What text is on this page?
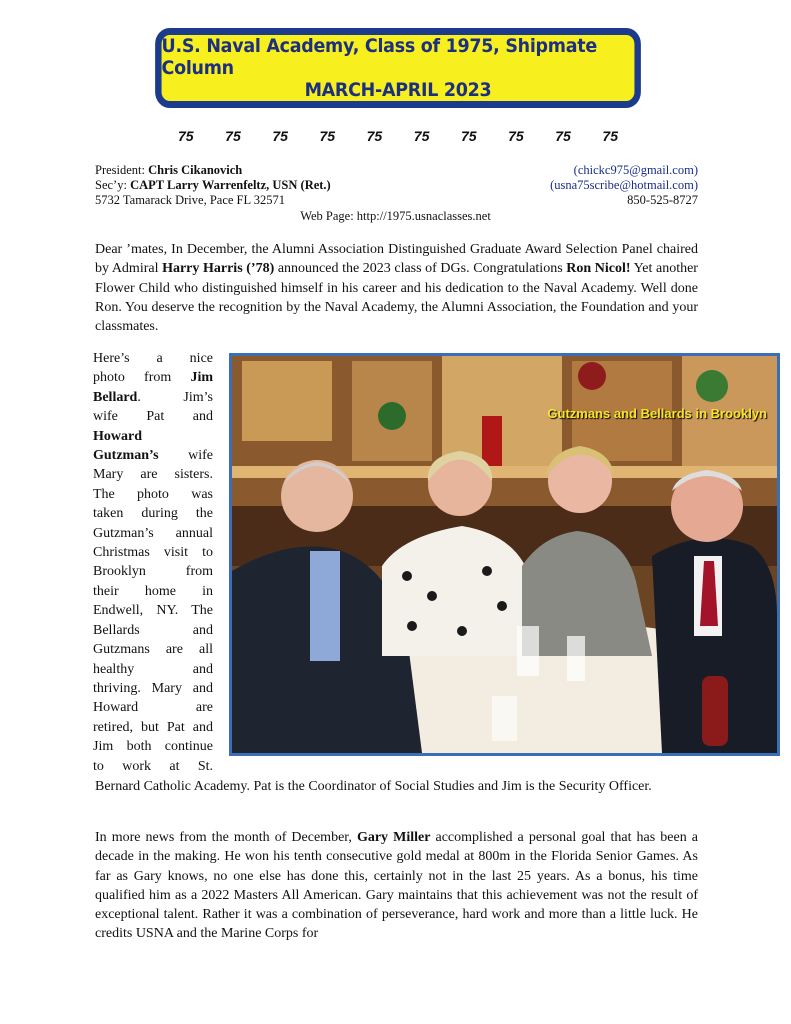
U.S. Naval Academy, Class of 1975, Shipmate Column
MARCH-APRIL 2023
75 75 75 75 75 75 75 75 75 75
President: Chris Cikanovich	(chickc975@gmail.com)
Sec’y: CAPT Larry Warrenfeltz, USN (Ret.)	(usna75scribe@hotmail.com)
5732 Tamarack Drive, Pace FL 32571	850-525-8727
Web Page: http://1975.usnaclasses.net
Dear ’mates, In December, the Alumni Association Distinguished Graduate Award Selection Panel chaired by Admiral Harry Harris (’78) announced the 2023 class of DGs. Congratulations Ron Nicol! Yet another Flower Child who distinguished himself in his career and his dedication to the Naval Academy. Well done Ron. You deserve the recognition by the Naval Academy, the Alumni Association, the Foundation and your classmates.
Here’s a nice
photo from Jim
Bellard. Jim’s
wife Pat and
Howard
Gutzman’s wife
Mary are sisters.
The photo was
taken during the
Gutzman’s annual
Christmas visit to
Brooklyn from
their home in
Endwell, NY. The
Bellards and
Gutzmans are all
healthy and
thriving. Mary and
Howard are
retired, but Pat and
Jim both continue
to work at St.
Gutzmans and Bellards in Brooklyn
Bernard Catholic Academy. Pat is the Coordinator of Social Studies and Jim is the Security Officer.
In more news from the month of December, Gary Miller accomplished a personal goal that has been a decade in the making. He won his tenth consecutive gold medal at 800m in the Florida Senior Games. As far as Gary knows, no one else has done this, certainly not in the last 25 years. As a bonus, his time qualified him as a 2022 Masters All American. Gary maintains that this achievement was not the result of exceptional talent. Rather it was a combination of perseverance, hard work and more than a little luck. He credits USNA and the Marine Corps for
